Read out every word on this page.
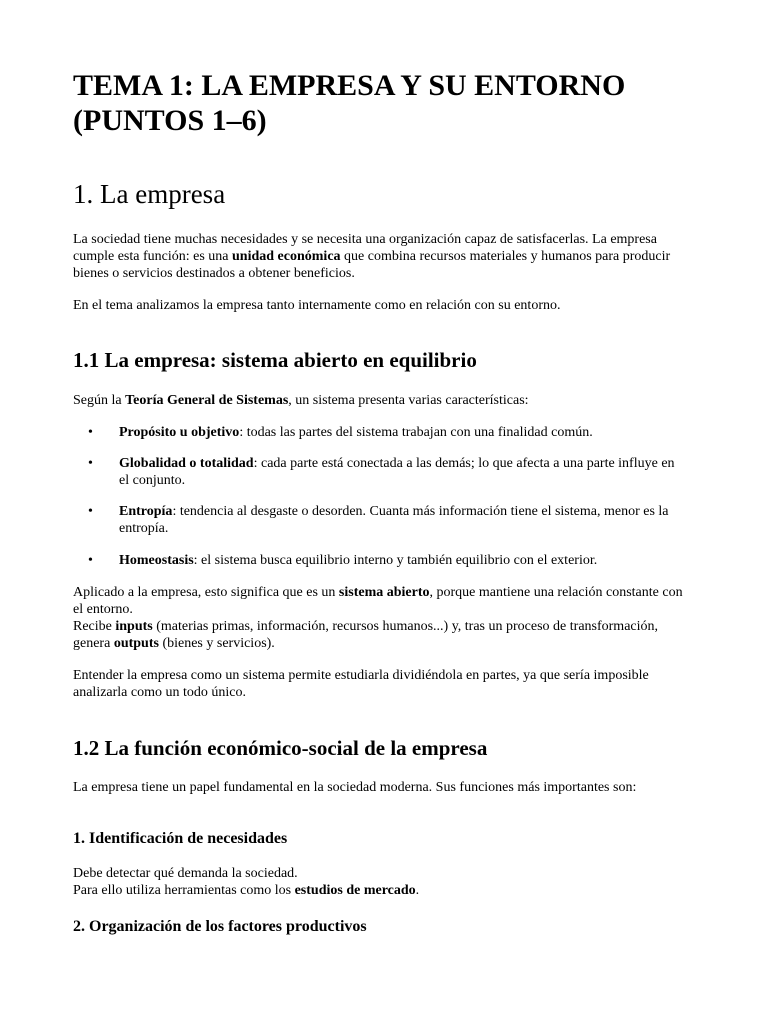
TEMA 1: LA EMPRESA Y SU ENTORNO (PUNTOS 1–6)
1. La empresa

La sociedad tiene muchas necesidades y se necesita una organización capaz de satisfacerlas. La empresa cumple esta función: es una unidad económica que combina recursos materiales y humanos para producir bienes o servicios destinados a obtener beneficios.

En el tema analizamos la empresa tanto internamente como en relación con su entorno.

1.1 La empresa: sistema abierto en equilibrio

Según la Teoría General de Sistemas, un sistema presenta varias características:

• Propósito u objetivo: todas las partes del sistema trabajan con una finalidad común.

• Globalidad o totalidad: cada parte está conectada a las demás; lo que afecta a una parte influye en el conjunto.

• Entropía: tendencia al desgaste o desorden. Cuanta más información tiene el sistema, menor es la entropía.

• Homeostasis: el sistema busca equilibrio interno y también equilibrio con el exterior.

Aplicado a la empresa, esto significa que es un sistema abierto, porque mantiene una relación constante con el entorno.
Recibe inputs (materias primas, información, recursos humanos...) y, tras un proceso de transformación, genera outputs (bienes y servicios).

Entender la empresa como un sistema permite estudiarla dividiéndola en partes, ya que sería imposible analizarla como un todo único.

1.2 La función económico-social de la empresa

La empresa tiene un papel fundamental en la sociedad moderna. Sus funciones más importantes son:

1. Identificación de necesidades

Debe detectar qué demanda la sociedad.
Para ello utiliza herramientas como los estudios de mercado.

2. Organización de los factores productivos
